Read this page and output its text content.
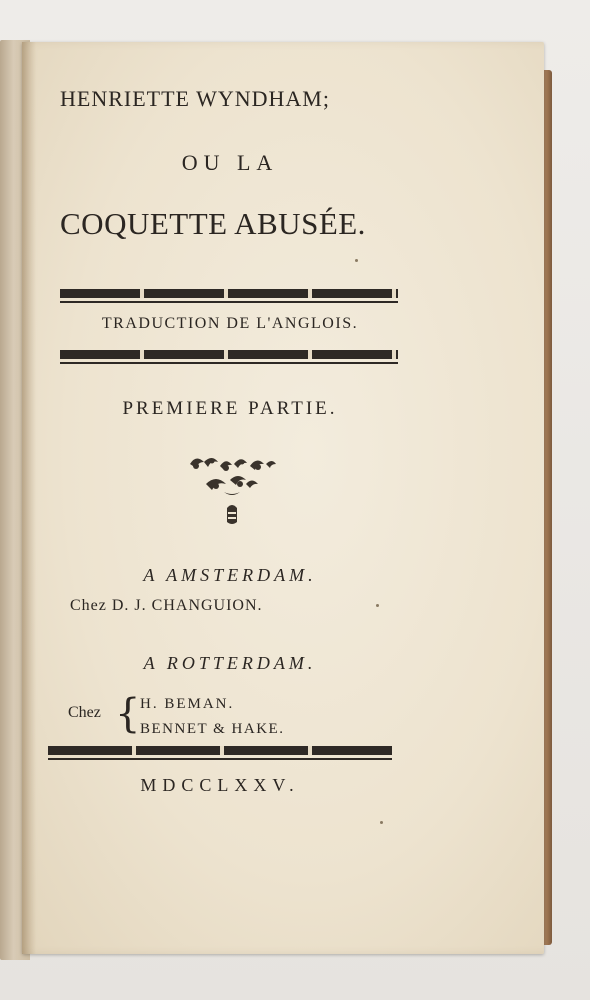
HENRIETTE WYNDHAM;
OU LA
COQUETTE ABUSÉE.
TRADUCTION DE L'ANGLOIS.
PREMIERE PARTIE.
A AMSTERDAM.
Chez D. J. CHANGUION.
A ROTTERDAM.
Chez { H. BEMAN.
BENNET & HAKE.
MDCCLXXV.
